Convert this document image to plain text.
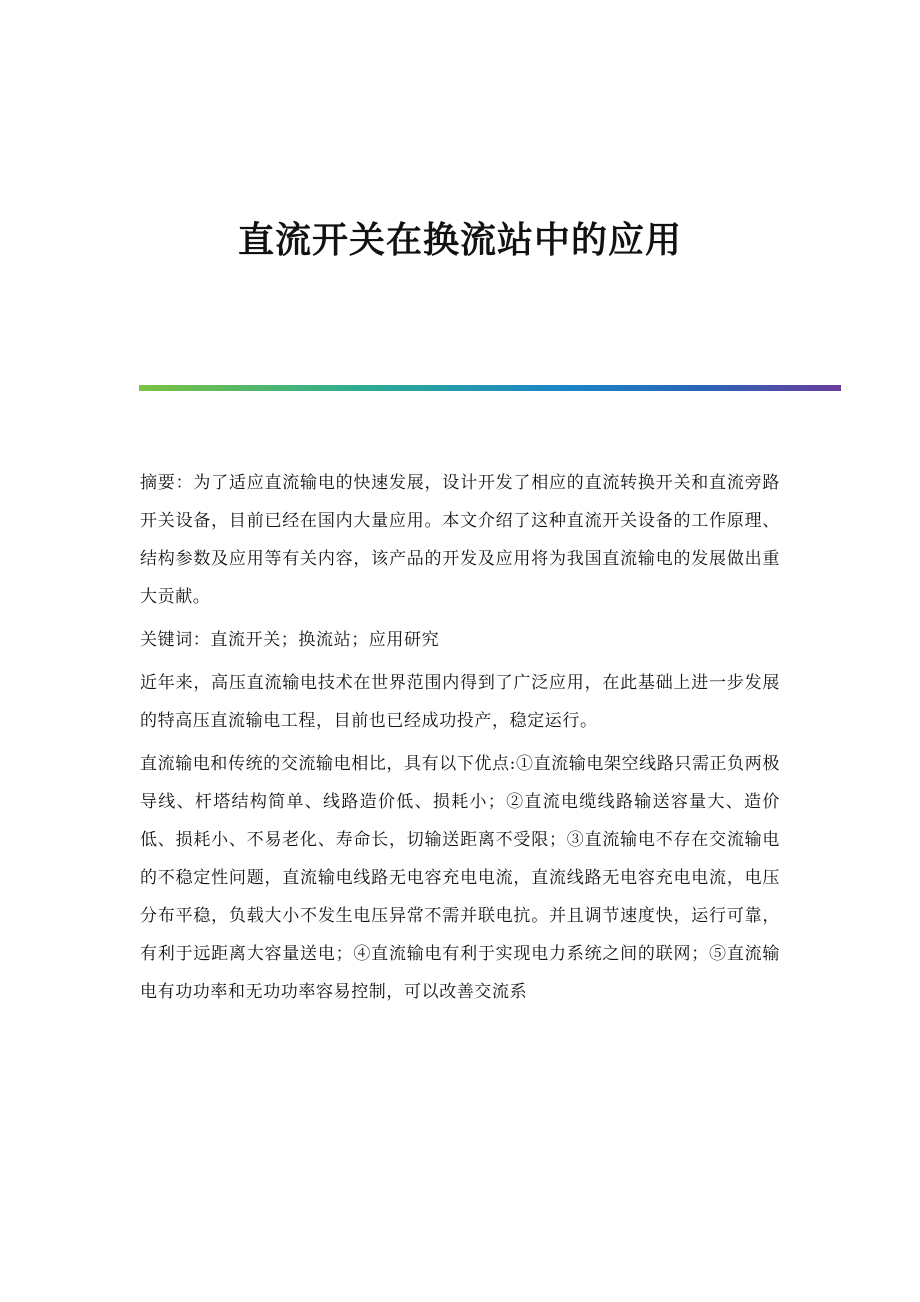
直流开关在换流站中的应用

摘要：为了适应直流输电的快速发展，设计开发了相应的直流转换开关和直流旁路开关设备，目前已经在国内大量应用。本文介绍了这种直流开关设备的工作原理、结构参数及应用等有关内容，该产品的开发及应用将为我国直流输电的发展做出重大贡献。

关键词：直流开关；换流站；应用研究

近年来，高压直流输电技术在世界范围内得到了广泛应用，在此基础上进一步发展的特高压直流输电工程，目前也已经成功投产，稳定运行。

直流输电和传统的交流输电相比，具有以下优点:①直流输电架空线路只需正负两极导线、杆塔结构简单、线路造价低、损耗小；②直流电缆线路输送容量大、造价低、损耗小、不易老化、寿命长，切输送距离不受限；③直流输电不存在交流输电的不稳定性问题，直流输电线路无电容充电电流，直流线路无电容充电电流，电压分布平稳，负载大小不发生电压异常不需并联电抗。并且调节速度快，运行可靠，有利于远距离大容量送电；④直流输电有利于实现电力系统之间的联网；⑤直流输电有功功率和无功功率容易控制，可以改善交流系
